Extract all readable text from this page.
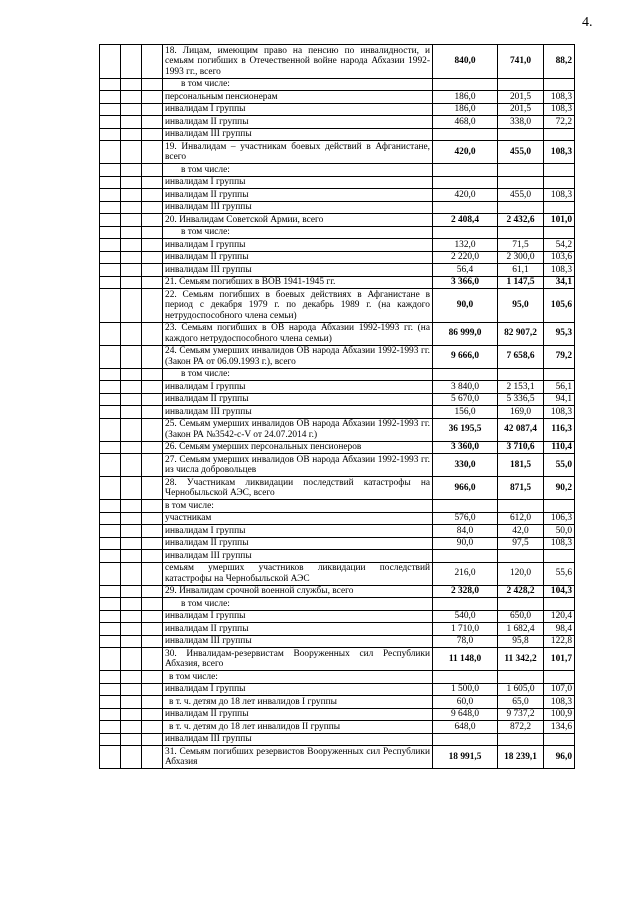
4.
			18. Лицам, имеющим право на пенсию по инвалидности, и семьям погибших в Отечественной войне народа Абхазии 1992-1993 гг., всего	840,0	741,0	88,2
			в том числе:			
			персональным пенсионерам	186,0	201,5	108,3
			инвалидам I группы	186,0	201,5	108,3
			инвалидам II группы	468,0	338,0	72,2
			инвалидам III группы			
			19. Инвалидам – участникам боевых действий в Афганистане, всего	420,0	455,0	108,3
			в том числе:			
			инвалидам I группы			
			инвалидам II группы	420,0	455,0	108,3
			инвалидам III группы			
			20. Инвалидам Советской Армии, всего	2 408,4	2 432,6	101,0
			в том числе:			
			инвалидам I группы	132,0	71,5	54,2
			инвалидам II группы	2 220,0	2 300,0	103,6
			инвалидам III группы	56,4	61,1	108,3
			21. Семьям погибших в ВОВ 1941-1945 гг.	3 366,0	1 147,5	34,1
			22. Семьям погибших в боевых действиях в Афганистане в период с декабря 1979 г. по декабрь 1989 г. (на каждого нетрудоспособного члена семьи)	90,0	95,0	105,6
			23. Семьям погибших в ОВ народа Абхазии 1992-1993 гг. (на каждого нетрудоспособного члена семьи)	86 999,0	82 907,2	95,3
			24. Семьям умерших инвалидов ОВ народа Абхазии 1992-1993 гг. (Закон РА от 06.09.1993 г.), всего	9 666,0	7 658,6	79,2
			в том числе:			
			инвалидам I группы	3 840,0	2 153,1	56,1
			инвалидам II группы	5 670,0	5 336,5	94,1
			инвалидам III группы	156,0	169,0	108,3
			25. Семьям умерших инвалидов ОВ народа Абхазии 1992-1993 гг. (Закон РА №3542-с-V от 24.07.2014 г.)	36 195,5	42 087,4	116,3
			26. Семьям умерших персональных пенсионеров	3 360,0	3 710,6	110,4
			27. Семьям умерших инвалидов ОВ народа Абхазии 1992-1993 гг. из числа добровольцев	330,0	181,5	55,0
			28. Участникам ликвидации последствий катастрофы на Чернобыльской АЭС, всего	966,0	871,5	90,2
			в том числе:			
			участникам	576,0	612,0	106,3
			инвалидам I группы	84,0	42,0	50,0
			инвалидам II группы	90,0	97,5	108,3
			инвалидам III группы			
			семьям умерших участников ликвидации последствий катастрофы на Чернобыльской АЭС	216,0	120,0	55,6
			29. Инвалидам срочной военной службы, всего	2 328,0	2 428,2	104,3
			в том числе:			
			инвалидам I группы	540,0	650,0	120,4
			инвалидам II группы	1 710,0	1 682,4	98,4
			инвалидам III группы	78,0	95,8	122,8
			30. Инвалидам-резервистам Вооруженных сил Республики Абхазия, всего	11 148,0	11 342,2	101,7
			в том числе:			
			инвалидам I группы	1 500,0	1 605,0	107,0
			в т. ч. детям до 18 лет инвалидов I группы	60,0	65,0	108,3
			инвалидам II группы	9 648,0	9 737,2	100,9
			в т. ч. детям до 18 лет инвалидов II группы	648,0	872,2	134,6
			инвалидам III группы			
			31. Семьям погибших резервистов Вооруженных сил Республики Абхазия	18 991,5	18 239,1	96,0
